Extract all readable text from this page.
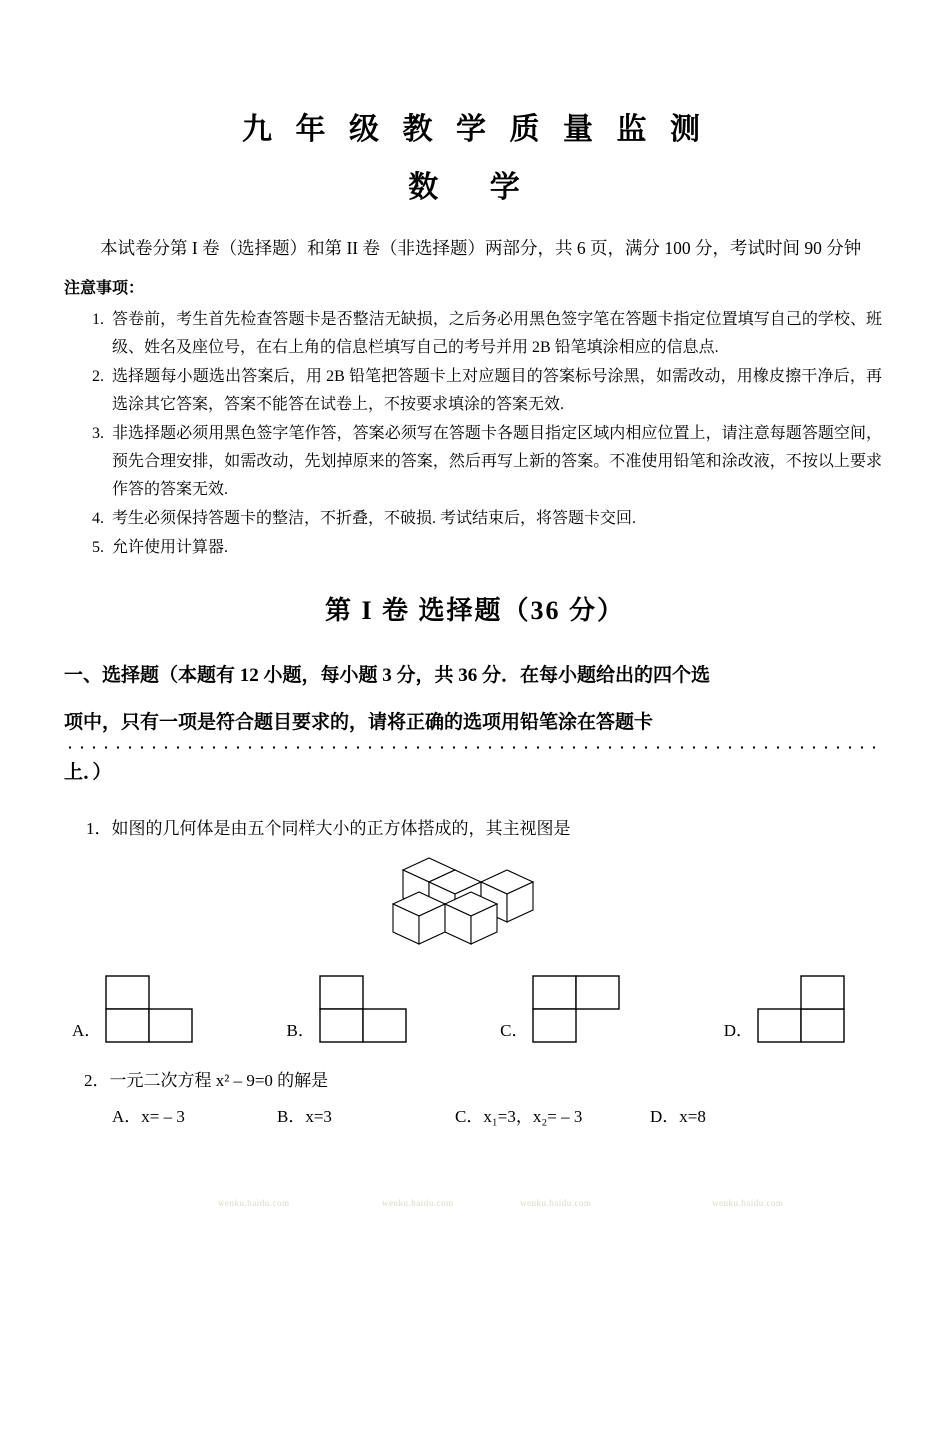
九 年 级 教 学 质 量 监 测
数 学
本试卷分第 I 卷（选择题）和第 II 卷（非选择题）两部分，共 6 页，满分 100 分，考试时间 90 分钟
注意事项：
1. 答卷前，考生首先检查答题卡是否整洁无缺损，之后务必用黑色签字笔在答题卡指定位置填写自己的学校、班级、姓名及座位号，在右上角的信息栏填写自己的考号并用 2B 铅笔填涂相应的信息点.
2. 选择题每小题选出答案后，用 2B 铅笔把答题卡上对应题目的答案标号涂黑，如需改动，用橡皮擦干净后，再选涂其它答案，答案不能答在试卷上，不按要求填涂的答案无效.
3. 非选择题必须用黑色签字笔作答，答案必须写在答题卡各题目指定区域内相应位置上，请注意每题答题空间，预先合理安排，如需改动，先划掉原来的答案，然后再写上新的答案。不准使用铅笔和涂改液，不按以上要求作答的答案无效.
4. 考生必须保持答题卡的整洁，不折叠，不破损. 考试结束后，将答题卡交回.
5. 允许使用计算器.
第 I 卷 选择题（36 分）
一、选择题（本题有 12 小题，每小题 3 分，共 36 分．在每小题给出的四个选
项中，只有一项是符合题目要求的，请将正确的选项用铅笔涂在答题卡
上．）
1．如图的几何体是由五个同样大小的正方体搭成的，其主视图是
A．	B．	C．	D．
2．一元二次方程 x² – 9=0 的解是
A．x= – 3	B．x=3	C．x₁=3，x₂= – 3	D．x=8
wenku.baidu.com	wenku.baidu.com	wenku.baidu.com	wenku.baidu.com
